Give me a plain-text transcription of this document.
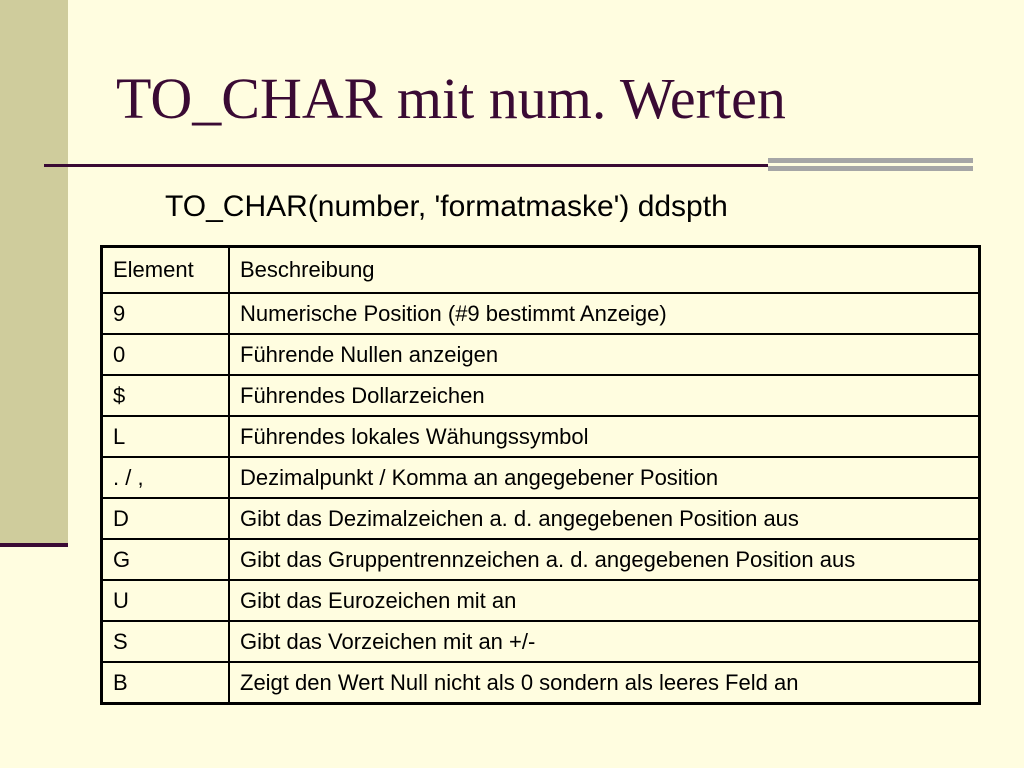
TO_CHAR mit num. Werten

TO_CHAR(number, 'formatmaske') ddspth

Element	Beschreibung
9	Numerische Position (#9 bestimmt Anzeige)
0	Führende Nullen anzeigen
$	Führendes Dollarzeichen
L	Führendes lokales Wähungssymbol
. / ,	Dezimalpunkt / Komma an angegebener Position
D	Gibt das Dezimalzeichen a. d. angegebenen Position aus
G	Gibt das Gruppentrennzeichen a. d. angegebenen Position aus
U	Gibt das Eurozeichen mit an
S	Gibt das Vorzeichen mit an +/-
B	Zeigt den Wert Null nicht als 0 sondern als leeres Feld an
